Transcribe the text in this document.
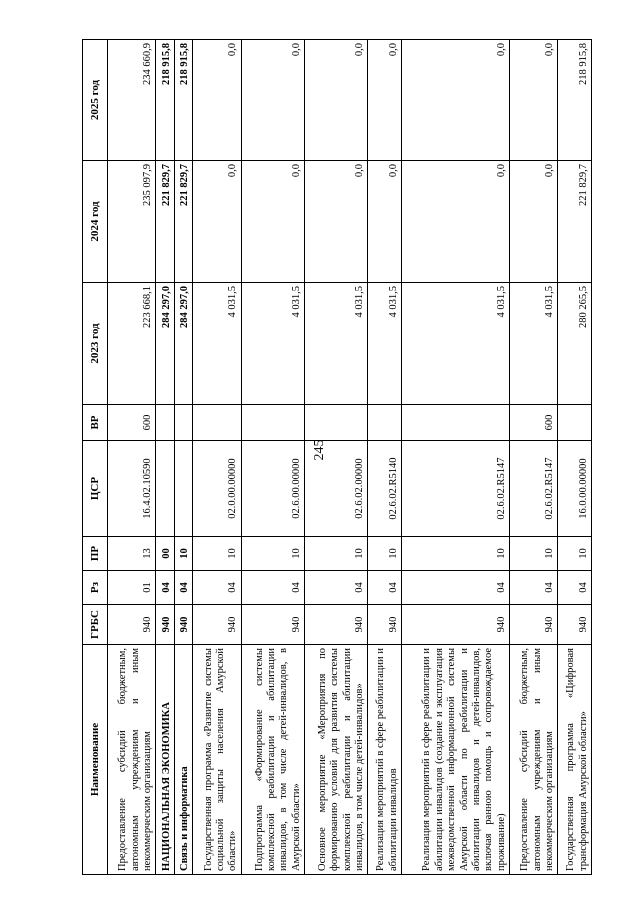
245
Наименование	ГРБС	Рз	ПР	ЦСР	ВР	2023 год	2024 год	2025 год
Предоставление субсидий бюджетным, автономным учреждениям и иным некоммерческим организациям	940	01	13	16.4.02.10590	600	223 668,1	235 097,9	234 660,9
НАЦИОНАЛЬНАЯ ЭКОНОМИКА	940	04	00			284 297,0	221 829,7	218 915,8
Связь и информатика	940	04	10			284 297,0	221 829,7	218 915,8
Государственная программа «Развитие системы социальной защиты населения Амурской области»	940	04	10	02.0.00.00000		4 031,5	0,0	0,0
Подпрограмма «Формирование системы комплексной реабилитации и абилитации инвалидов, в том числе детей-инвалидов, в Амурской области»	940	04	10	02.6.00.00000		4 031,5	0,0	0,0
Основное мероприятие «Мероприятия по формированию условий для развития системы комплексной реабилитации и абилитации инвалидов, в том числе детей-инвалидов»	940	04	10	02.6.02.00000		4 031,5	0,0	0,0
Реализация мероприятий в сфере реабилитации и абилитации инвалидов	940	04	10	02.6.02.R5140		4 031,5	0,0	0,0
Реализация мероприятий в сфере реабилитации и абилитации инвалидов (создание и эксплуатация межведомственной информационной системы Амурской области по реабилитации и абилитации инвалидов и детей-инвалидов, включая ранною помощь и сопровождаемое проживание)	940	04	10	02.6.02.R5147		4 031,5	0,0	0,0
Предоставление субсидий бюджетным, автономным учреждениям и иным некоммерческим организациям	940	04	10	02.6.02.R5147	600	4 031,5	0,0	0,0
Государственная программа «Цифровая трансформация Амурской области»	940	04	10	16.0.00.00000		280 265,5	221 829,7	218 915,8
